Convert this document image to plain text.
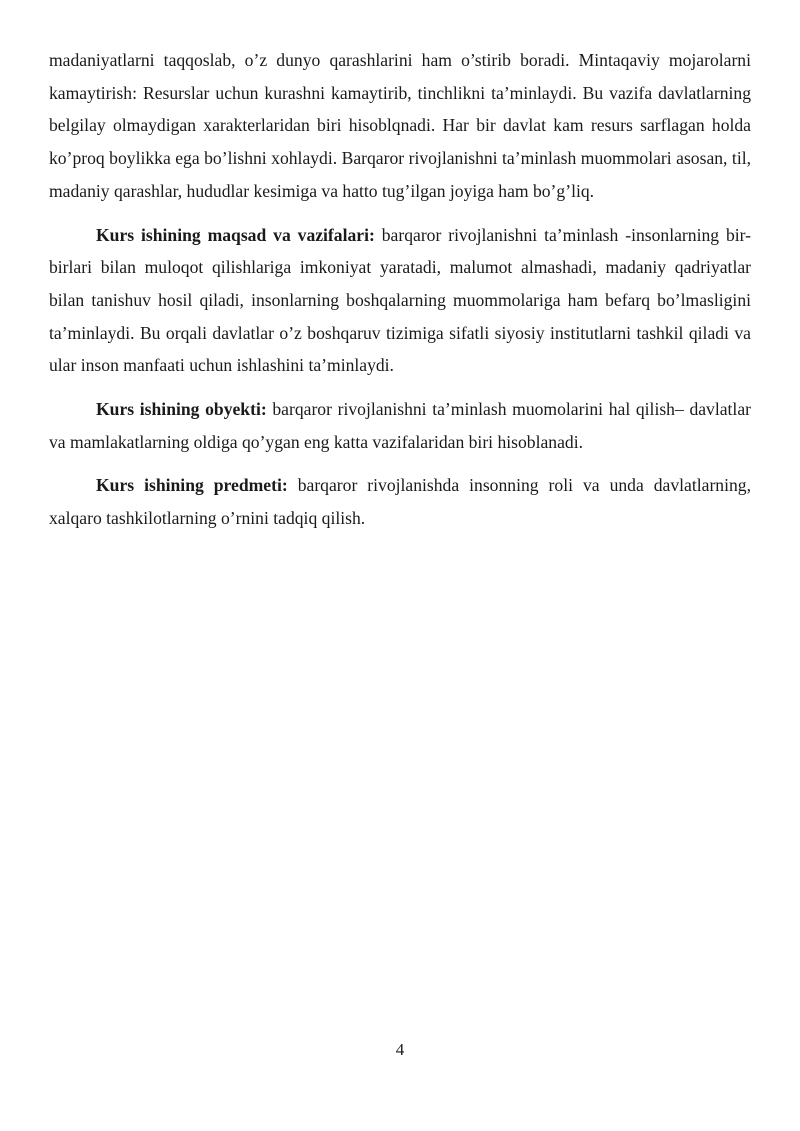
madaniyatlarni taqqoslab, o’z dunyo qarashlarini ham o’stirib boradi. Mintaqaviy mojarolarni kamaytirish: Resurslar uchun kurashni kamaytirib, tinchlikni ta’minlaydi. Bu vazifa davlatlarning belgilay olmaydigan xarakterlaridan biri hisoblqnadi. Har bir davlat kam resurs sarflagan holda ko’proq boylikka ega bo’lishni xohlaydi. Barqaror rivojlanishni ta’minlash muommolari asosan, til, madaniy qarashlar, hududlar kesimiga va hatto tug’ilgan joyiga ham bo’g’liq.

Kurs ishining maqsad va vazifalari: barqaror rivojlanishni ta’minlash -insonlarning bir-birlari bilan muloqot qilishlariga imkoniyat yaratadi, malumot almashadi, madaniy qadriyatlar bilan tanishuv hosil qiladi, insonlarning boshqalarning muommolariga ham befarq bo’lmasligini ta’minlaydi. Bu orqali davlatlar o’z boshqaruv tizimiga sifatli siyosiy institutlarni tashkil qiladi va ular inson manfaati uchun ishlashini ta’minlaydi.

Kurs ishining obyekti: barqaror rivojlanishni ta’minlash muomolarini hal qilish– davlatlar va mamlakatlarning oldiga qo’ygan eng katta vazifalaridan biri hisoblanadi.

Kurs ishining predmeti: barqaror rivojlanishda insonning roli va unda davlatlarning, xalqaro tashkilotlarning o’rnini tadqiq qilish.

4
